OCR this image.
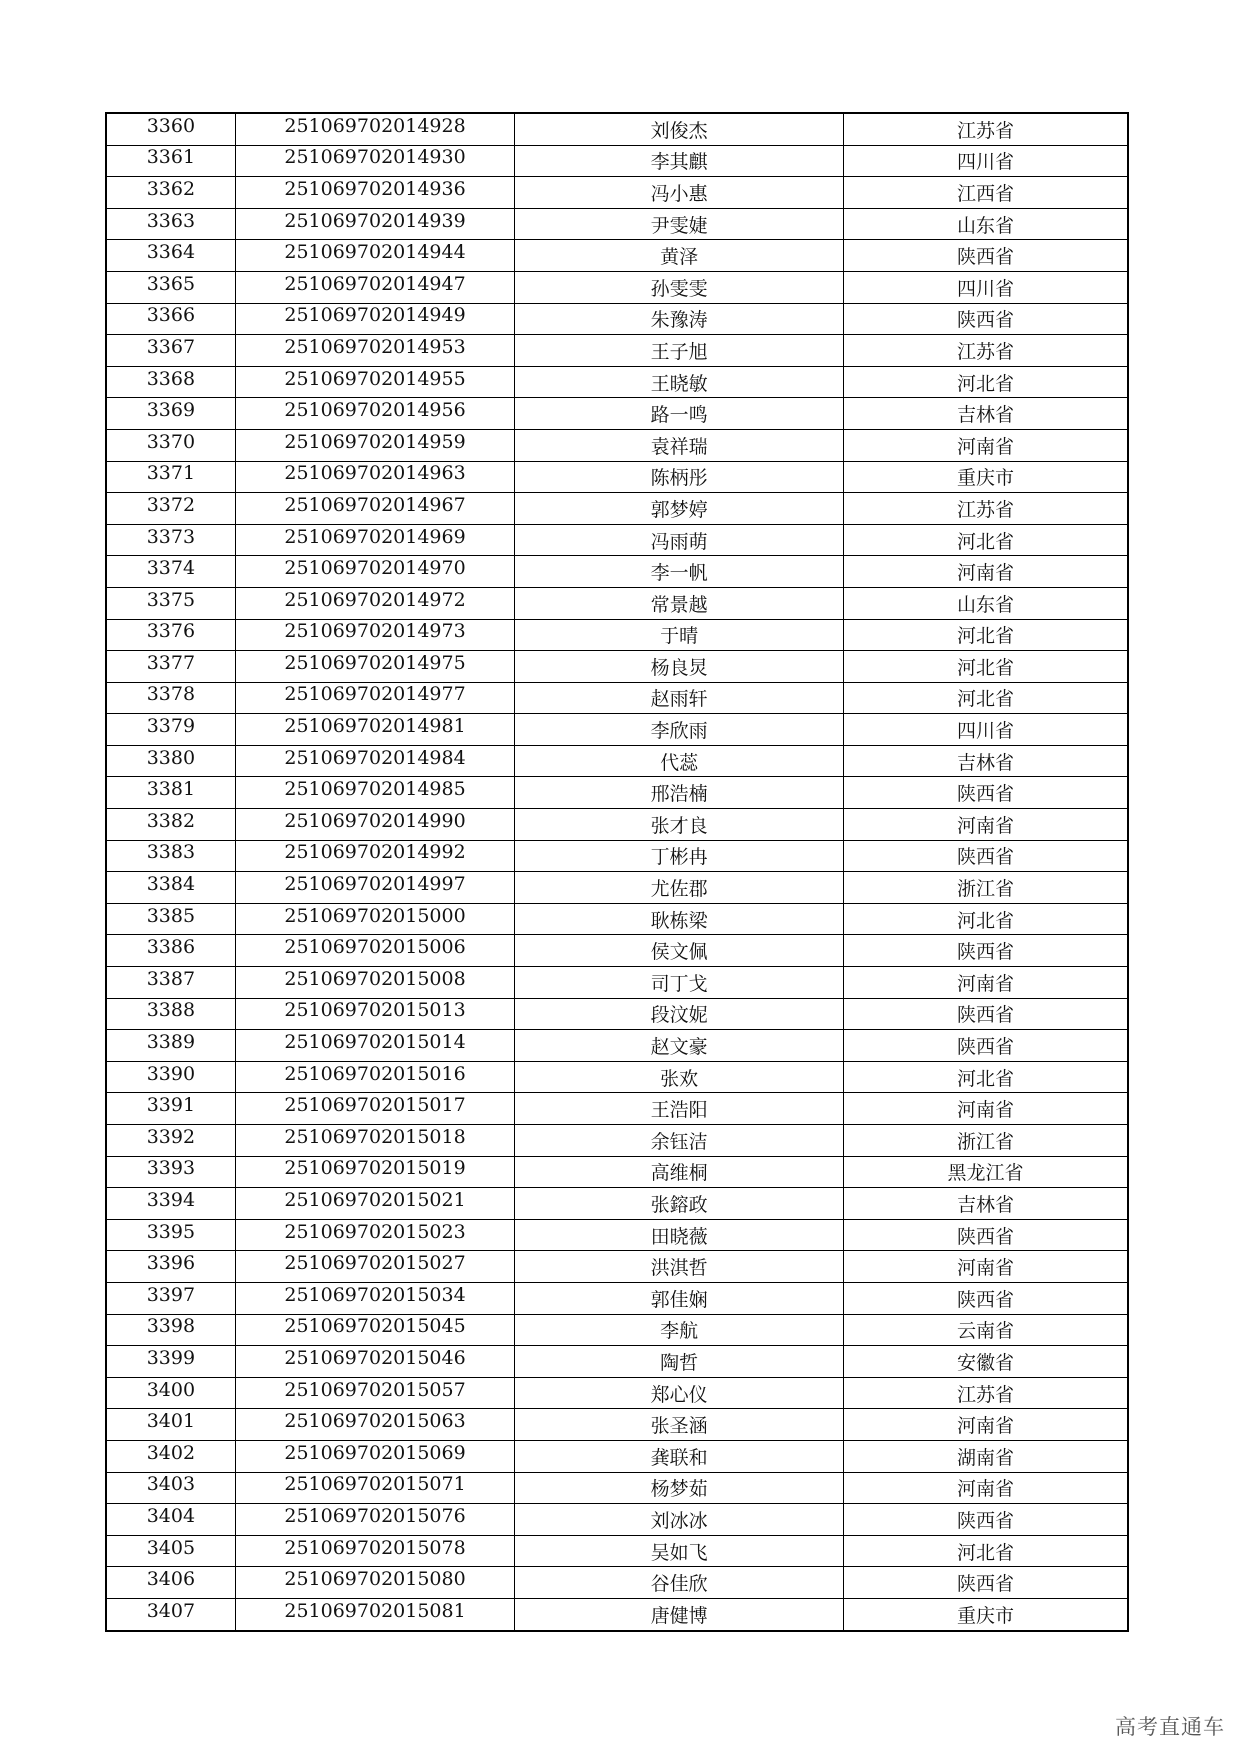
3360	251069702014928	刘俊杰	江苏省
3361	251069702014930	李其麒	四川省
3362	251069702014936	冯小惠	江西省
3363	251069702014939	尹雯婕	山东省
3364	251069702014944	黄泽	陕西省
3365	251069702014947	孙雯雯	四川省
3366	251069702014949	朱豫涛	陕西省
3367	251069702014953	王子旭	江苏省
3368	251069702014955	王晓敏	河北省
3369	251069702014956	路一鸣	吉林省
3370	251069702014959	袁祥瑞	河南省
3371	251069702014963	陈柄彤	重庆市
3372	251069702014967	郭梦婷	江苏省
3373	251069702014969	冯雨萌	河北省
3374	251069702014970	李一帆	河南省
3375	251069702014972	常景越	山东省
3376	251069702014973	于晴	河北省
3377	251069702014975	杨良炅	河北省
3378	251069702014977	赵雨轩	河北省
3379	251069702014981	李欣雨	四川省
3380	251069702014984	代蕊	吉林省
3381	251069702014985	邢浩楠	陕西省
3382	251069702014990	张才良	河南省
3383	251069702014992	丁彬冉	陕西省
3384	251069702014997	尤佐郡	浙江省
3385	251069702015000	耿栋梁	河北省
3386	251069702015006	侯文佩	陕西省
3387	251069702015008	司丁戈	河南省
3388	251069702015013	段汶妮	陕西省
3389	251069702015014	赵文豪	陕西省
3390	251069702015016	张欢	河北省
3391	251069702015017	王浩阳	河南省
3392	251069702015018	余钰洁	浙江省
3393	251069702015019	高维桐	黑龙江省
3394	251069702015021	张鎔政	吉林省
3395	251069702015023	田晓薇	陕西省
3396	251069702015027	洪淇哲	河南省
3397	251069702015034	郭佳娴	陕西省
3398	251069702015045	李航	云南省
3399	251069702015046	陶哲	安徽省
3400	251069702015057	郑心仪	江苏省
3401	251069702015063	张圣涵	河南省
3402	251069702015069	龚联和	湖南省
3403	251069702015071	杨梦茹	河南省
3404	251069702015076	刘冰冰	陕西省
3405	251069702015078	吴如飞	河北省
3406	251069702015080	谷佳欣	陕西省
3407	251069702015081	唐健博	重庆市
高考直通车
